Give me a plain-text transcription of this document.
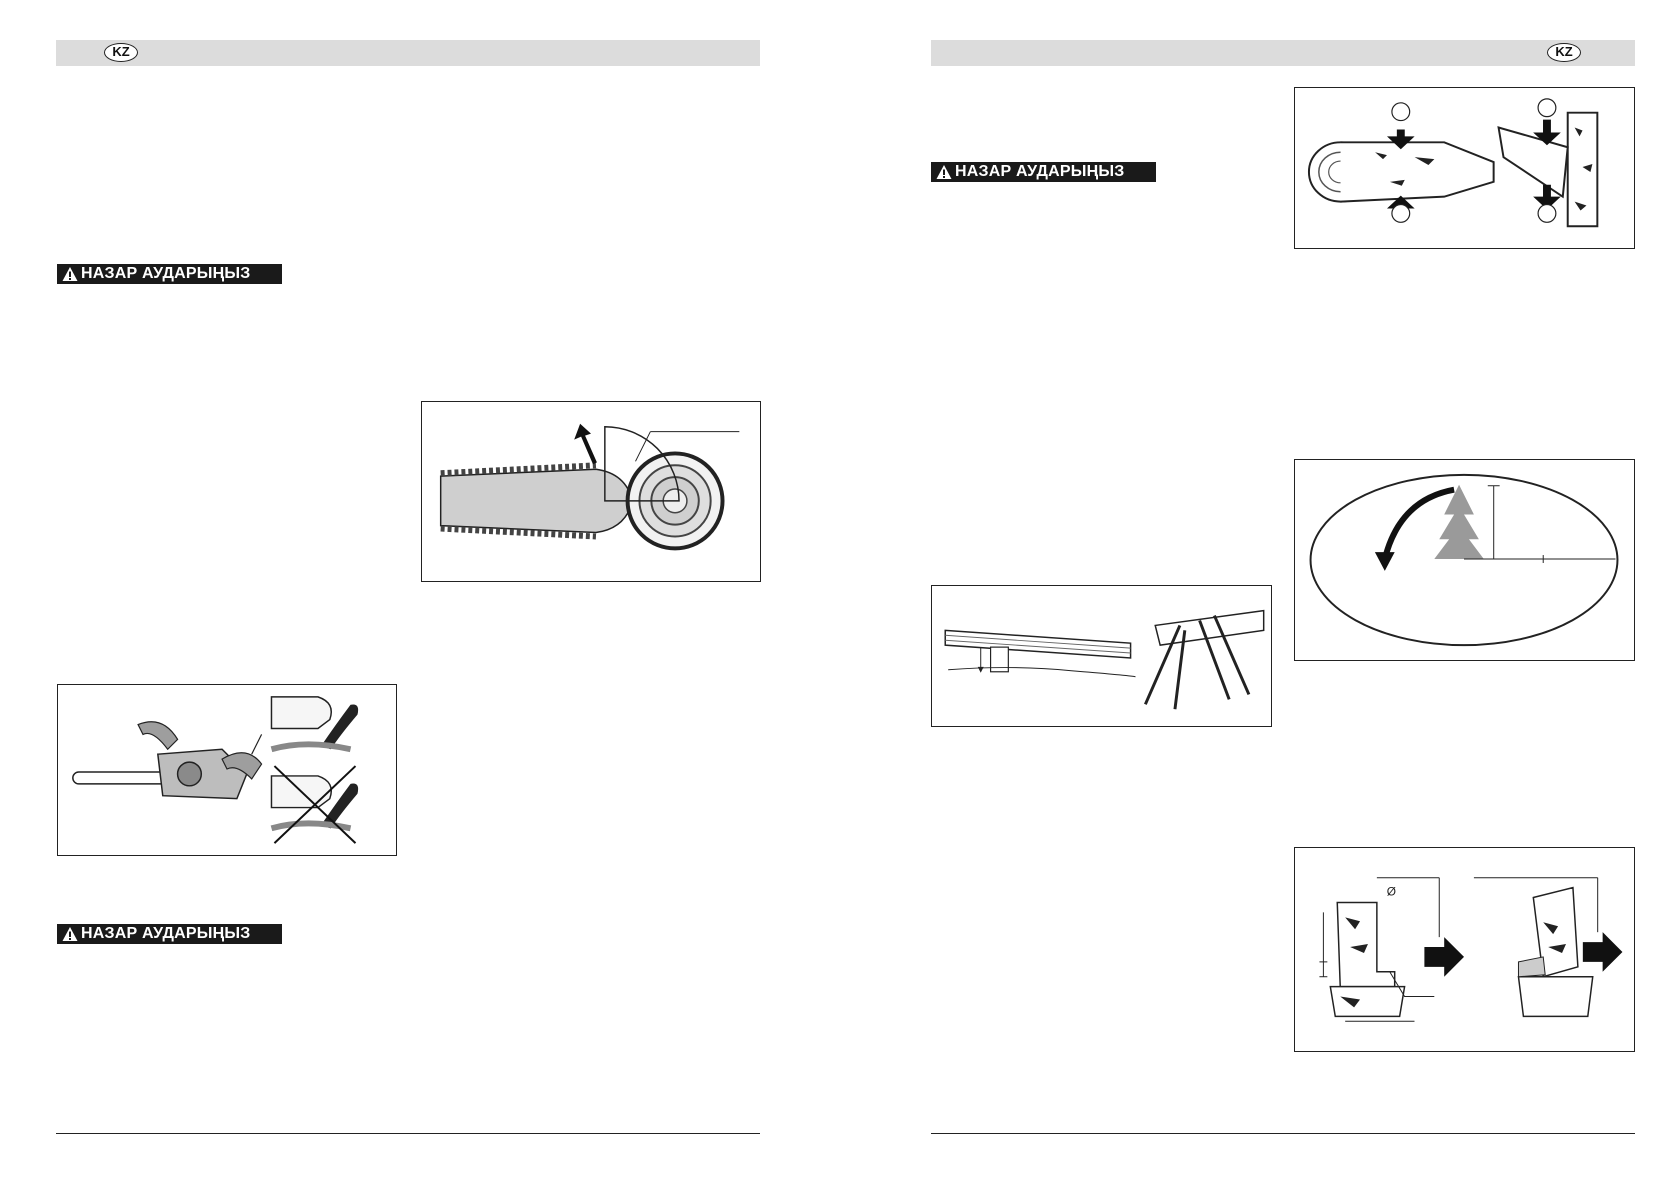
KZ
НАЗАР АУДАРЫҢЫЗ
НАЗАР АУДАРЫҢЫЗ
KZ
НАЗАР АУДАРЫҢЫЗ
Ø
